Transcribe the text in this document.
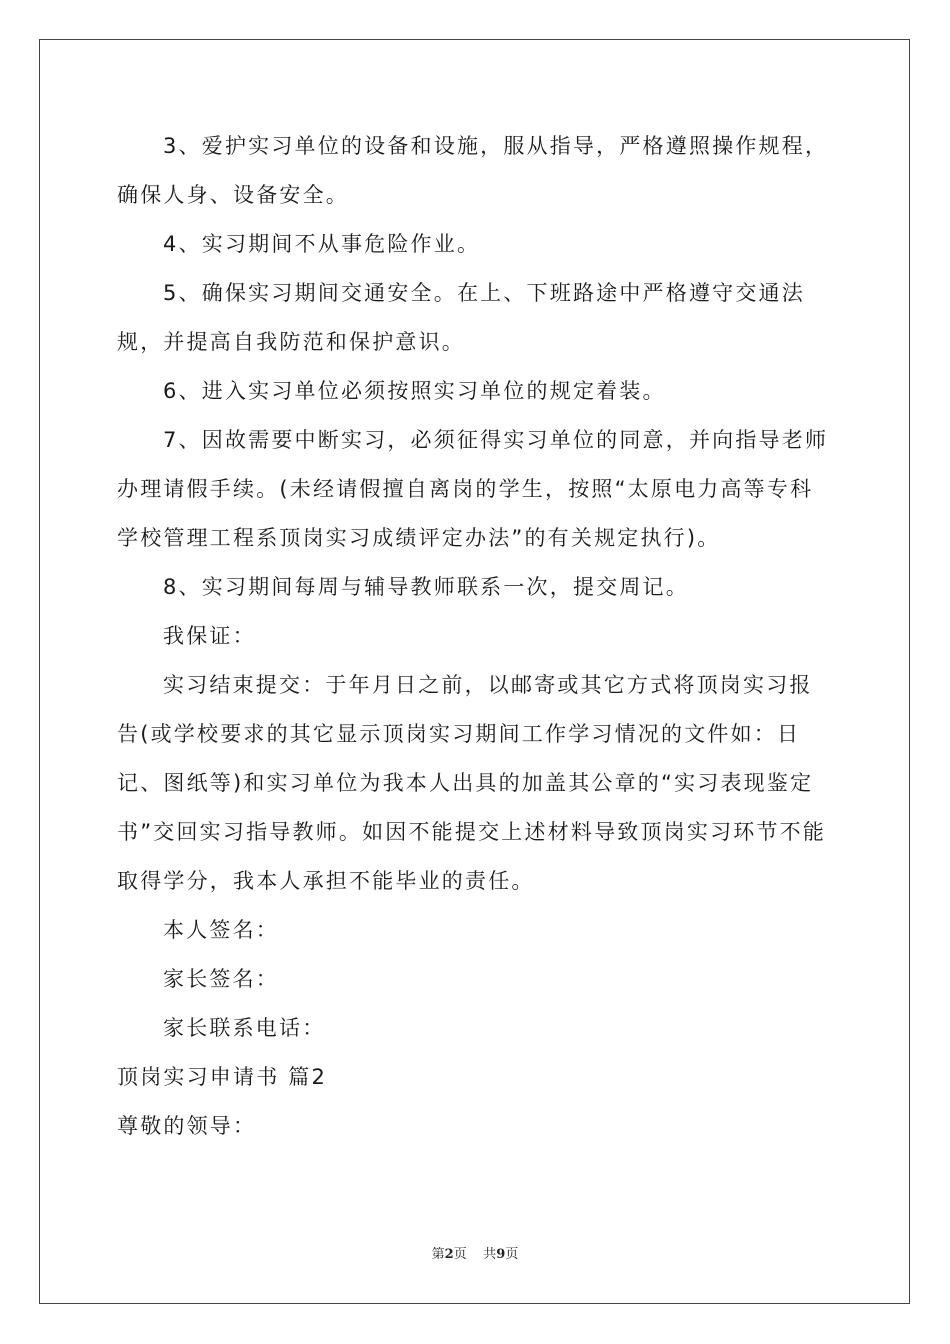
3、爱护实习单位的设备和设施，服从指导，严格遵照操作规程，确保人身、设备安全。

4、实习期间不从事危险作业。

5、确保实习期间交通安全。在上、下班路途中严格遵守交通法规，并提高自我防范和保护意识。

6、进入实习单位必须按照实习单位的规定着装。

7、因故需要中断实习，必须征得实习单位的同意，并向指导老师办理请假手续。(未经请假擅自离岗的学生，按照“太原电力高等专科学校管理工程系顶岗实习成绩评定办法”的有关规定执行)。

8、实习期间每周与辅导教师联系一次，提交周记。

我保证：

实习结束提交：于年月日之前，以邮寄或其它方式将顶岗实习报告(或学校要求的其它显示顶岗实习期间工作学习情况的文件如：日记、图纸等)和实习单位为我本人出具的加盖其公章的“实习表现鉴定书”交回实习指导教师。如因不能提交上述材料导致顶岗实习环节不能取得学分，我本人承担不能毕业的责任。

本人签名：

家长签名：

家长联系电话：

顶岗实习申请书 篇2

尊敬的领导：

第2页 共9页
